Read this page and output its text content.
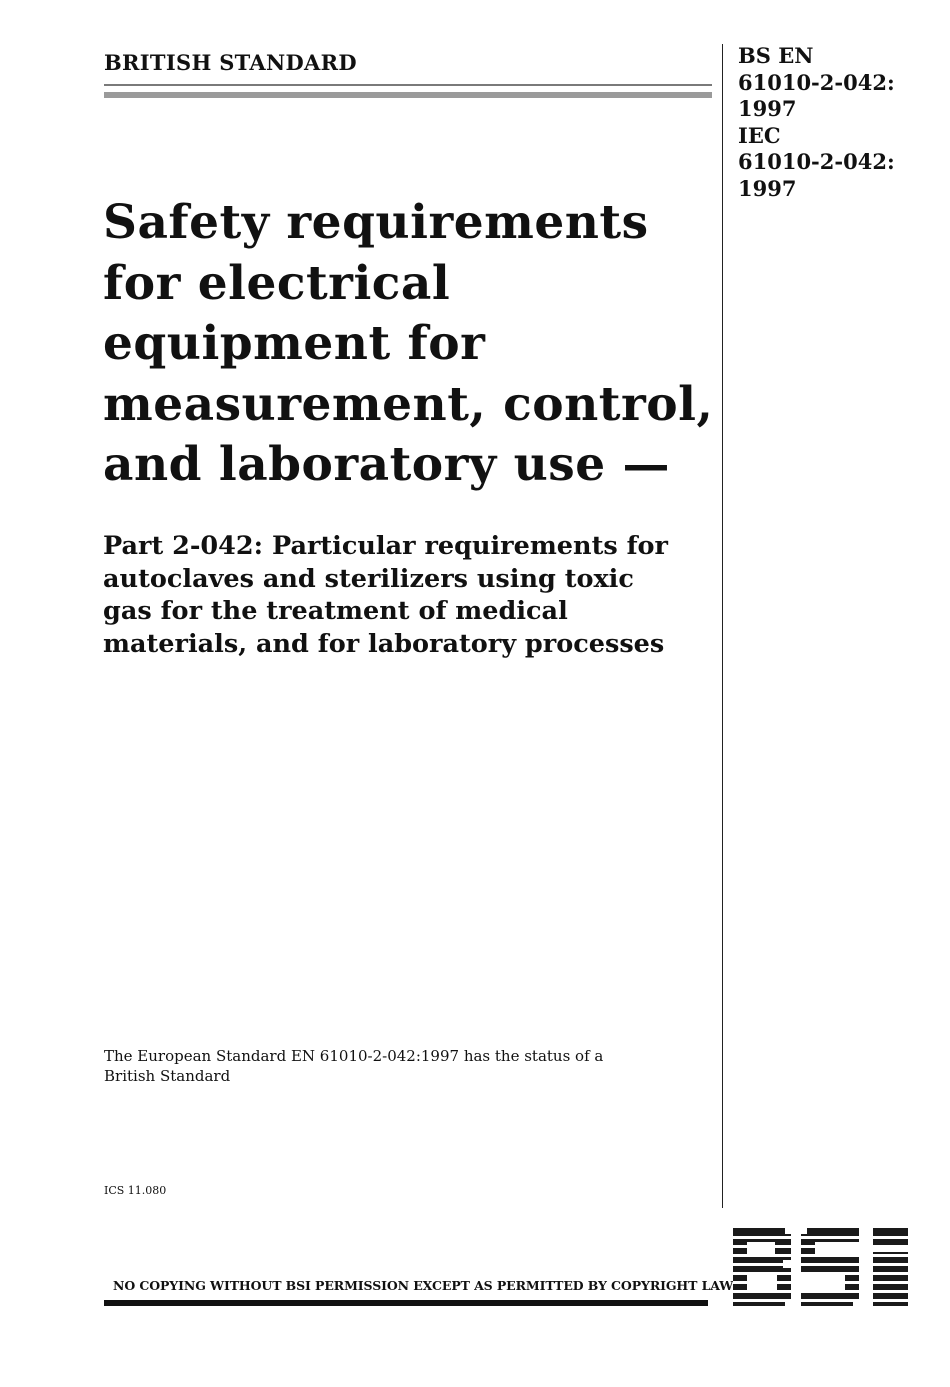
BRITISH STANDARD	BS EN
61010-2-042:
1997
IEC
61010-2-042:
1997
Safety requirements
for electrical
equipment for
measurement, control,
and laboratory use —
Part 2-042: Particular requirements for
autoclaves and sterilizers using toxic
gas for the treatment of medical
materials, and for laboratory processes
The European Standard EN 61010-2-042:1997 has the status of a
British Standard
ICS 11.080
NO COPYING WITHOUT BSI PERMISSION EXCEPT AS PERMITTED BY COPYRIGHT LAW
